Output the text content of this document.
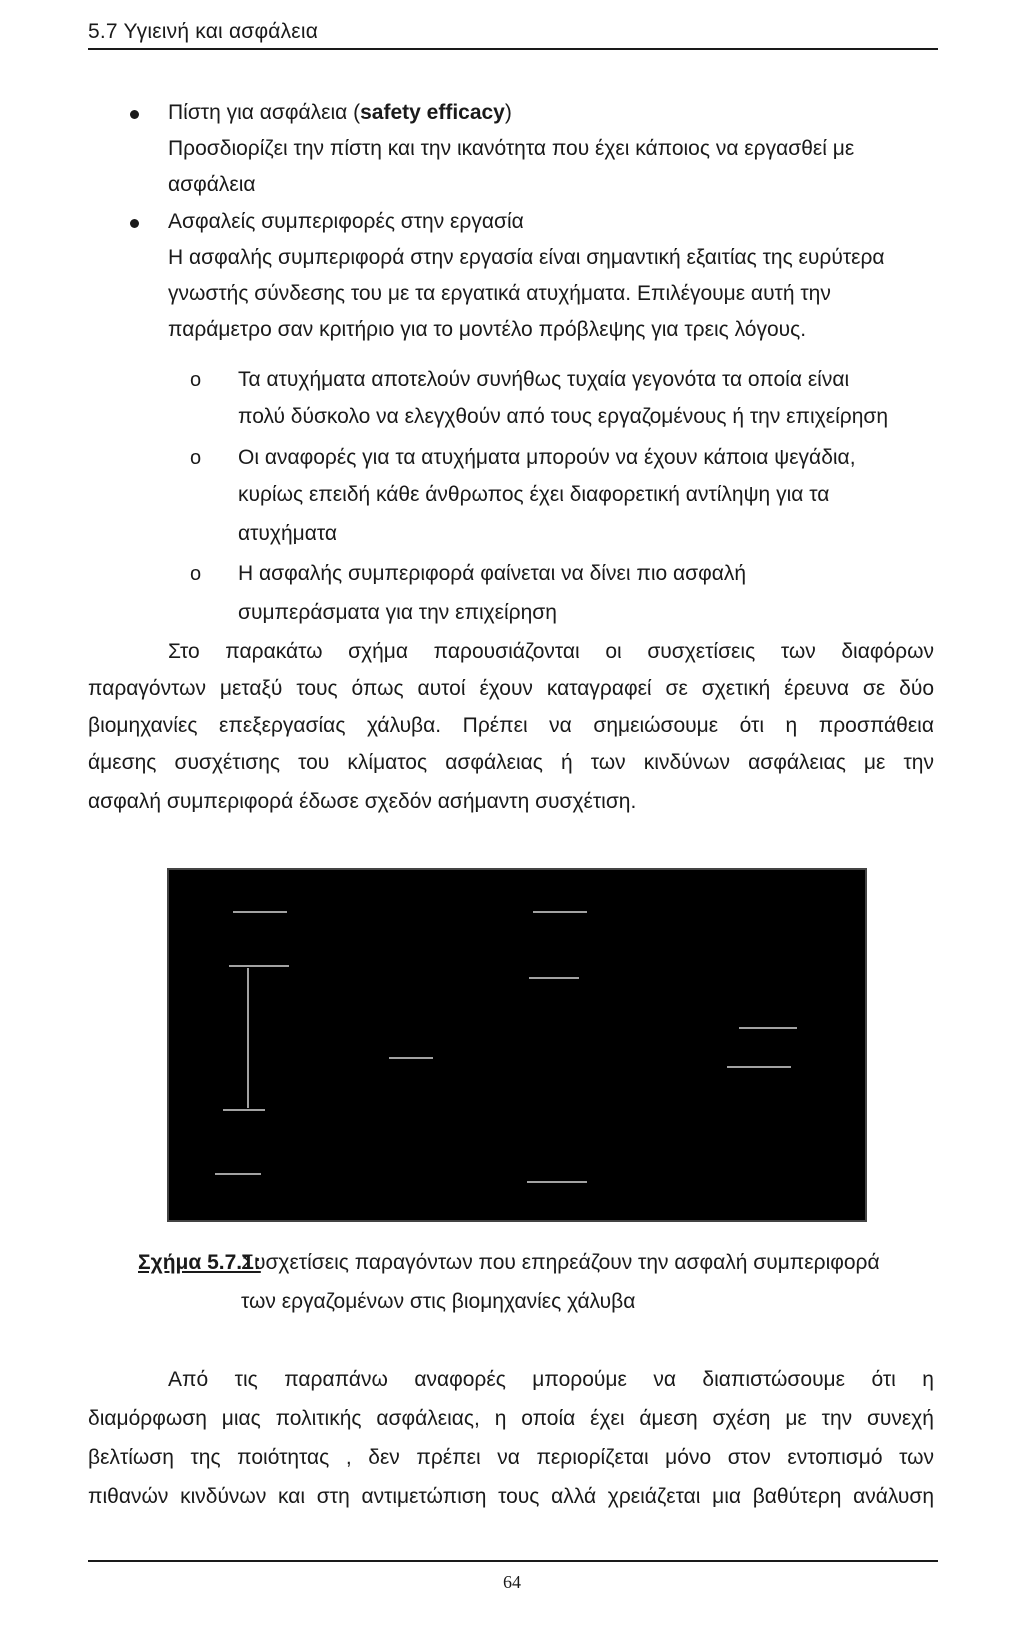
5.7 Υγιεινή και ασφάλεια
Πίστη για ασφάλεια (safety efficacy)
Προσδιορίζει την πίστη και την ικανότητα που έχει κάποιος να εργασθεί με
ασφάλεια
Ασφαλείς συμπεριφορές στην εργασία
Η ασφαλής συμπεριφορά στην εργασία είναι σημαντική εξαιτίας της ευρύτερα
γνωστής σύνδεσης του με τα εργατικά ατυχήματα. Επιλέγουμε αυτή την
παράμετρο σαν κριτήριο για το μοντέλο πρόβλεψης για τρεις λόγους.
o Τα ατυχήματα αποτελούν συνήθως τυχαία γεγονότα τα οποία είναι
πολύ δύσκολο να ελεγχθούν από τους εργαζομένους ή την επιχείρηση
o Οι αναφορές για τα ατυχήματα μπορούν να έχουν κάποια ψεγάδια,
κυρίως επειδή κάθε άνθρωπος έχει διαφορετική αντίληψη για τα
ατυχήματα
o Η ασφαλής συμπεριφορά φαίνεται να δίνει πιο ασφαλή
συμπεράσματα για την επιχείρηση
Στο παρακάτω σχήμα παρουσιάζονται οι συσχετίσεις των διαφόρων
παραγόντων μεταξύ τους όπως αυτοί έχουν καταγραφεί σε σχετική έρευνα σε δύο
βιομηχανίες επεξεργασίας χάλυβα. Πρέπει να σημειώσουμε ότι η προσπάθεια
άμεσης συσχέτισης του κλίματος ασφάλειας ή των κινδύνων ασφάλειας με την
ασφαλή συμπεριφορά έδωσε σχεδόν ασήμαντη συσχέτιση.
Σχήμα 5.7.1:
Συσχετίσεις παραγόντων που επηρεάζουν την ασφαλή συμπεριφορά
των εργαζομένων στις βιομηχανίες χάλυβα
Από τις παραπάνω αναφορές μπορούμε να διαπιστώσουμε ότι η
διαμόρφωση μιας πολιτικής ασφάλειας, η οποία έχει άμεση σχέση με την συνεχή
βελτίωση της ποιότητας , δεν πρέπει να περιορίζεται μόνο στον εντοπισμό των
πιθανών κινδύνων και στη αντιμετώπιση τους αλλά χρειάζεται μια βαθύτερη ανάλυση
64
